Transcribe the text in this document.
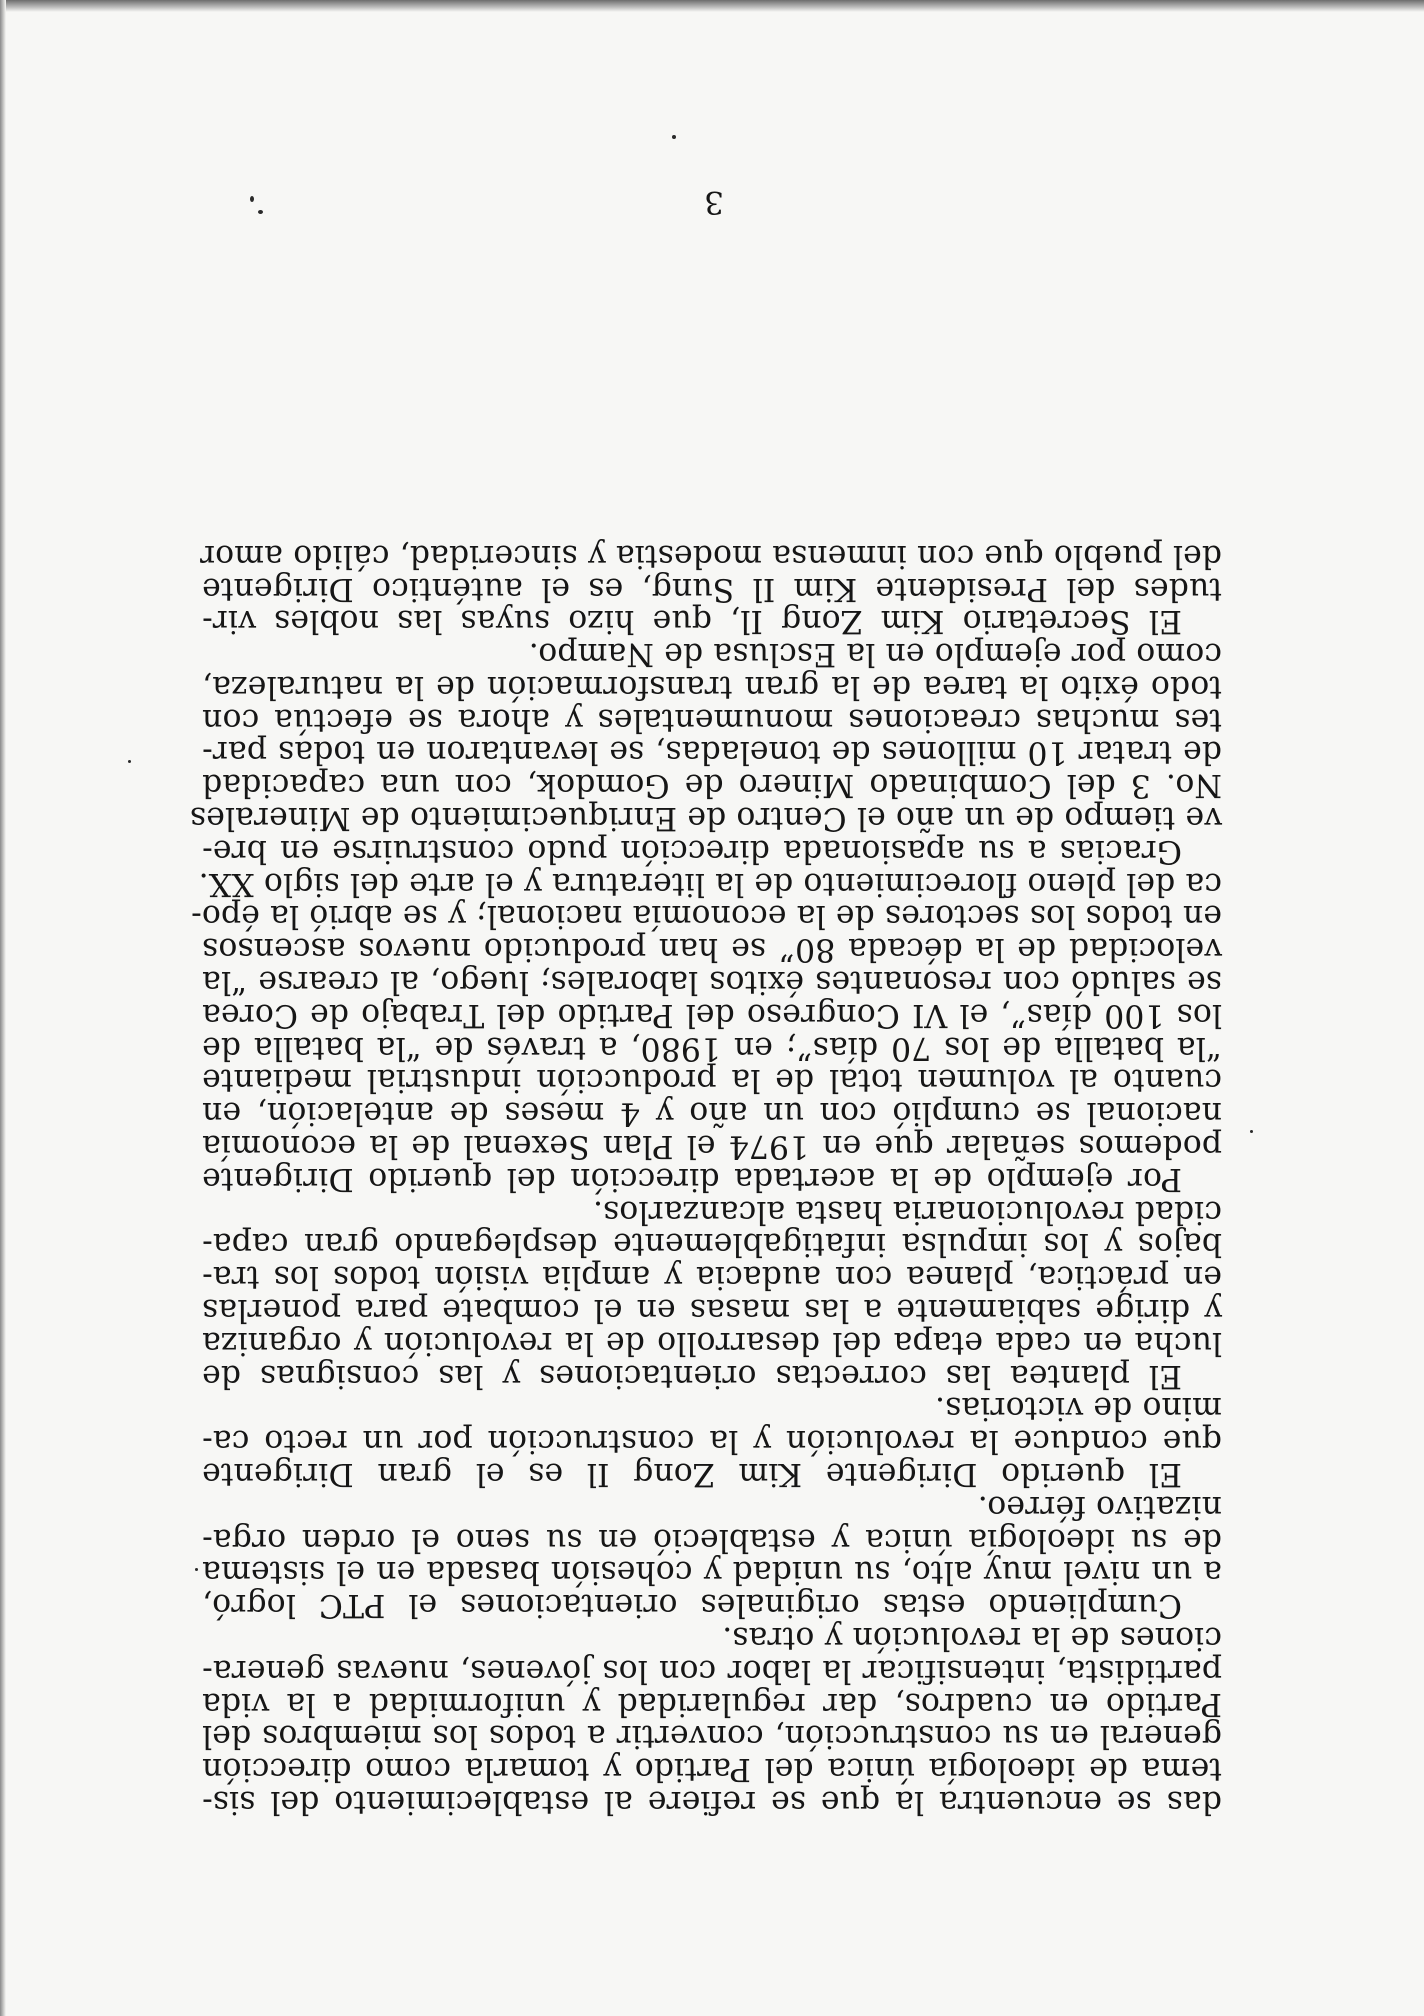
das se encuentra la que se refiere al establecimiento del sis-
tema de ideología única del Partido y tomarla como dirección
general en su construcción, convertir a todos los miembros del
Partido en cuadros, dar regularidad y uniformidad a la vida
partidista, intensificar la labor con los jóvenes, nuevas genera-
ciones de la revolución y otras.
Cumpliendo estas originales orientaciones el PTC logró,
a un nivel muy alto, su unidad y cohesión basada en el sistema
de su ideología única y estableció en su seno el orden orga-
nizativo férreo.
El querido Dirigente Kim Zong Il es el gran Dirigente
que conduce la revolución y la construcción por un recto ca-
mino de victorias.
El plantea las correctas orientaciones y las consignas de
lucha en cada etapa del desarrollo de la revolución y organiza
y dirige sabiamente a las masas en el combate para ponerlas
en práctica, planea con audacia y amplia visión todos los tra-
bajos y los impulsa infatigablemente desplegando gran capa-
cidad revolucionaria hasta alcanzarlos.
Por ejemplo de la acertada dirección del querido Dirigente
podemos señalar que en 1974 el Plan Sexenal de la economía
nacional se cumplió con un año y 4 meses de antelación, en
cuanto al volumen total de la producción industrial mediante
“la batalla de los 70 días”; en 1980, a través de “la batalla de
los 100 días”, el VI Congreso del Partido del Trabajo de Corea
se saludó con resonantes éxitos laborales; luego, al crearse “la
velocidad de la década 80” se han producido nuevos ascensos
en todos los sectores de la economía nacional; y se abrió la épo-
ca del pleno florecimiento de la literatura y el arte del siglo XX.
Gracias a su apasionada dirección pudo construirse en bre-
ve tiempo de un año el Centro de Enriquecimiento de Minerales
No. 3 del Combinado Minero de Gomdok, con una capacidad
de tratar 10 millones de toneladas, se levantaron en todas par-
tes muchas creaciones monumentales y ahora se efectúa con
todo éxito la tarea de la gran transformación de la naturaleza,
como por ejemplo en la Esclusa de Nampo.
El Secretario Kim Zong Il, que hizo suyas las nobles vir-
tudes del Presidente Kim Il Sung, es el auténtico Dirigente
del pueblo que con inmensa modestia y sinceridad, cálido amor
3
